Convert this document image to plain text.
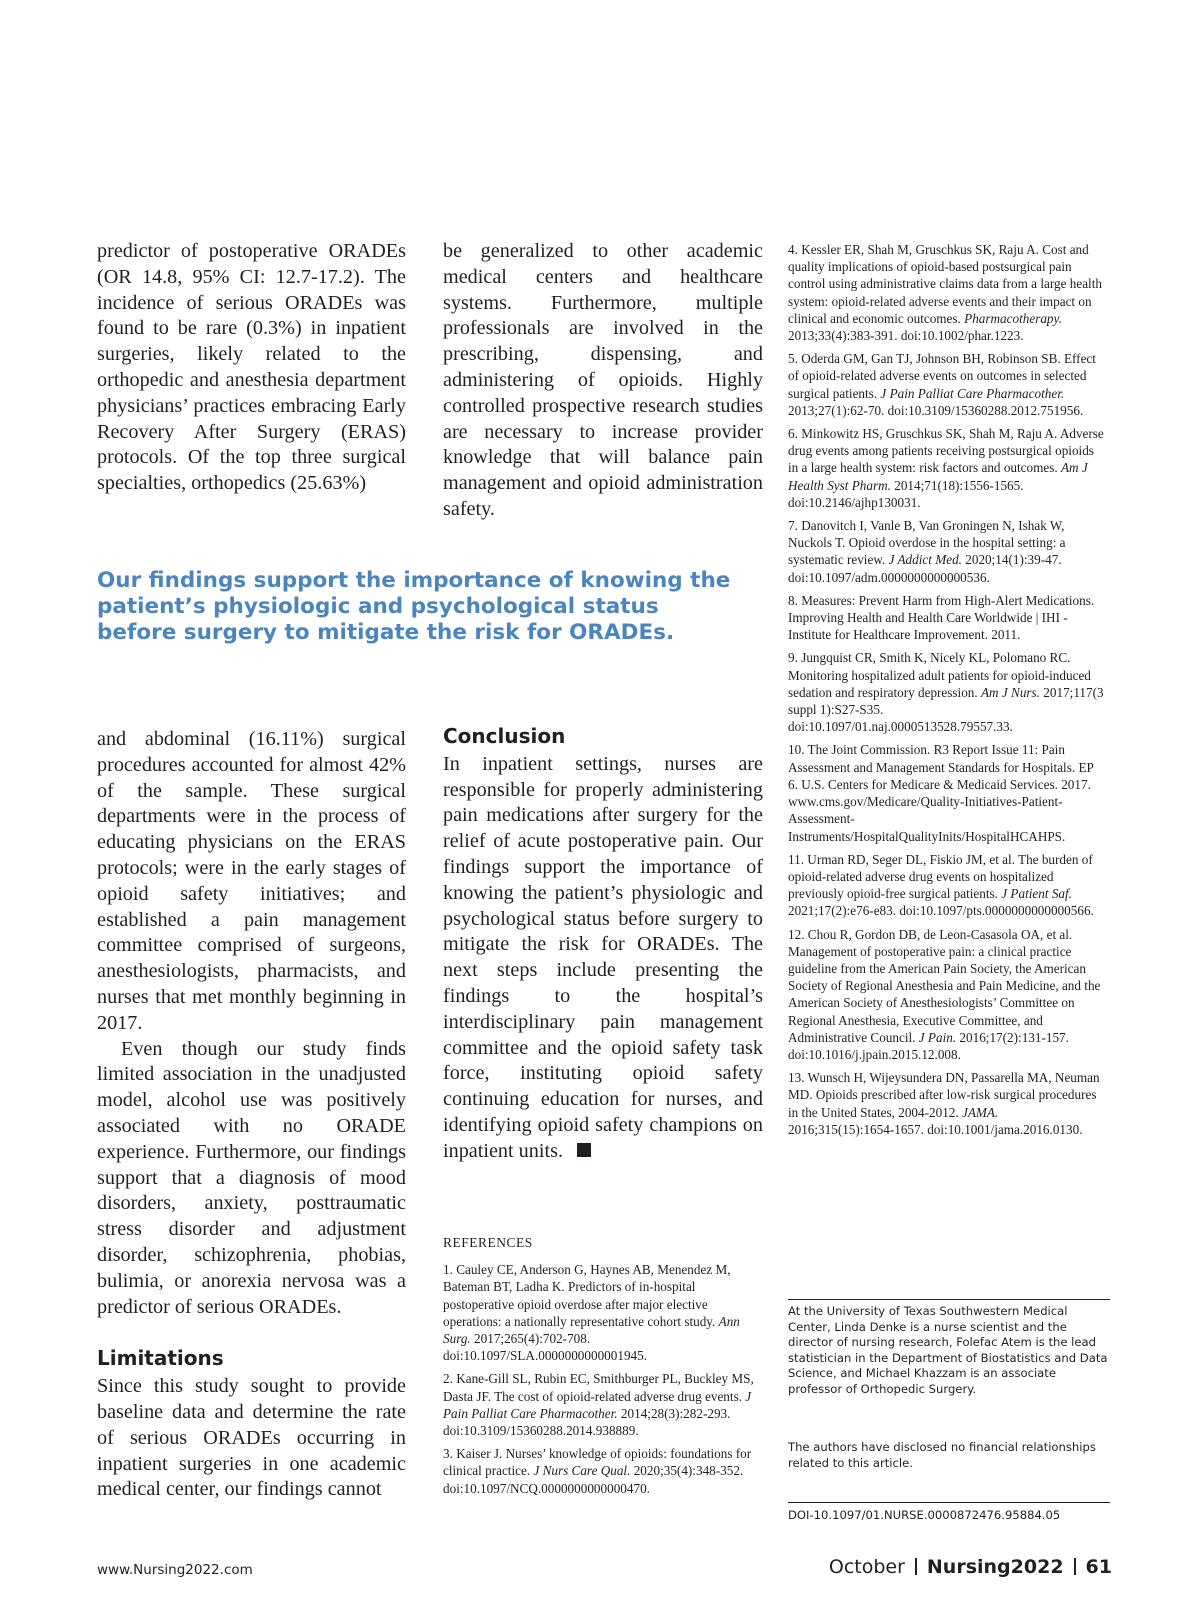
predictor of postoperative ORADEs (OR 14.8, 95% CI: 12.7-17.2). The incidence of serious ORADEs was found to be rare (0.3%) in inpatient surgeries, likely related to the orthopedic and anesthesia department physicians’ practices embracing Early Recovery After Surgery (ERAS) protocols. Of the top three surgical specialties, orthopedics (25.63%)

be generalized to other academic medical centers and healthcare systems. Furthermore, multiple professionals are involved in the prescribing, dispensing, and administering of opioids. Highly controlled prospective research studies are necessary to increase provider knowledge that will balance pain management and opioid administration safety.

Our findings support the importance of knowing the patient’s physiologic and psychological status before surgery to mitigate the risk for ORADEs.

and abdominal (16.11%) surgical procedures accounted for almost 42% of the sample. These surgical departments were in the process of educating physicians on the ERAS protocols; were in the early stages of opioid safety initiatives; and established a pain management committee comprised of surgeons, anesthesiologists, pharmacists, and nurses that met monthly beginning in 2017.

Even though our study finds limited association in the unadjusted model, alcohol use was positively associated with no ORADE experience. Furthermore, our findings support that a diagnosis of mood disorders, anxiety, posttraumatic stress disorder and adjustment disorder, schizophrenia, phobias, bulimia, or anorexia nervosa was a predictor of serious ORADEs.

Limitations

Since this study sought to provide baseline data and determine the rate of serious ORADEs occurring in inpatient surgeries in one academic medical center, our findings cannot

Conclusion

In inpatient settings, nurses are responsible for properly administering pain medications after surgery for the relief of acute postoperative pain. Our findings support the importance of knowing the patient’s physiologic and psychological status before surgery to mitigate the risk for ORADEs. The next steps include presenting the findings to the hospital’s interdisciplinary pain management committee and the opioid safety task force, instituting opioid safety continuing education for nurses, and identifying opioid safety champions on inpatient units.

REFERENCES

1. Cauley CE, Anderson G, Haynes AB, Menendez M, Bateman BT, Ladha K. Predictors of in-hospital postoperative opioid overdose after major elective operations: a nationally representative cohort study. Ann Surg. 2017;265(4):702-708. doi:10.1097/SLA.0000000000001945.

2. Kane-Gill SL, Rubin EC, Smithburger PL, Buckley MS, Dasta JF. The cost of opioid-related adverse drug events. J Pain Palliat Care Pharmacother. 2014;28(3):282-293. doi:10.3109/15360288.2014.938889.

3. Kaiser J. Nurses’ knowledge of opioids: foundations for clinical practice. J Nurs Care Qual. 2020;35(4):348-352. doi:10.1097/NCQ.0000000000000470.

4. Kessler ER, Shah M, Gruschkus SK, Raju A. Cost and quality implications of opioid-based postsurgical pain control using administrative claims data from a large health system: opioid-related adverse events and their impact on clinical and economic outcomes. Pharmacotherapy. 2013;33(4):383-391. doi:10.1002/phar.1223.

5. Oderda GM, Gan TJ, Johnson BH, Robinson SB. Effect of opioid-related adverse events on outcomes in selected surgical patients. J Pain Palliat Care Pharmacother. 2013;27(1):62-70. doi:10.3109/15360288.2012.751956.

6. Minkowitz HS, Gruschkus SK, Shah M, Raju A. Adverse drug events among patients receiving postsurgical opioids in a large health system: risk factors and outcomes. Am J Health Syst Pharm. 2014;71(18):1556-1565. doi:10.2146/ajhp130031.

7. Danovitch I, Vanle B, Van Groningen N, Ishak W, Nuckols T. Opioid overdose in the hospital setting: a systematic review. J Addict Med. 2020;14(1):39-47. doi:10.1097/adm.0000000000000536.

8. Measures: Prevent Harm from High-Alert Medications. Improving Health and Health Care Worldwide | IHI - Institute for Healthcare Improvement. 2011.

9. Jungquist CR, Smith K, Nicely KL, Polomano RC. Monitoring hospitalized adult patients for opioid-induced sedation and respiratory depression. Am J Nurs. 2017;117(3 suppl 1):S27-S35. doi:10.1097/01.naj.0000513528.79557.33.

10. The Joint Commission. R3 Report Issue 11: Pain Assessment and Management Standards for Hospitals. EP 6. U.S. Centers for Medicare & Medicaid Services. 2017. www.cms.gov/Medicare/Quality-Initiatives-Patient-Assessment-Instruments/HospitalQualityInits/HospitalHCAHPS.

11. Urman RD, Seger DL, Fiskio JM, et al. The burden of opioid-related adverse drug events on hospitalized previously opioid-free surgical patients. J Patient Saf. 2021;17(2):e76-e83. doi:10.1097/pts.0000000000000566.

12. Chou R, Gordon DB, de Leon-Casasola OA, et al. Management of postoperative pain: a clinical practice guideline from the American Pain Society, the American Society of Regional Anesthesia and Pain Medicine, and the American Society of Anesthesiologists’ Committee on Regional Anesthesia, Executive Committee, and Administrative Council. J Pain. 2016;17(2):131-157. doi:10.1016/j.jpain.2015.12.008.

13. Wunsch H, Wijeysundera DN, Passarella MA, Neuman MD. Opioids prescribed after low-risk surgical procedures in the United States, 2004-2012. JAMA. 2016;315(15):1654-1657. doi:10.1001/jama.2016.0130.

At the University of Texas Southwestern Medical Center, Linda Denke is a nurse scientist and the director of nursing research, Folefac Atem is the lead statistician in the Department of Biostatistics and Data Science, and Michael Khazzam is an associate professor of Orthopedic Surgery.
The authors have disclosed no financial relationships related to this article.
DOI-10.1097/01.NURSE.0000872476.95884.05
www.Nursing2022.com	October Nursing2022 61
